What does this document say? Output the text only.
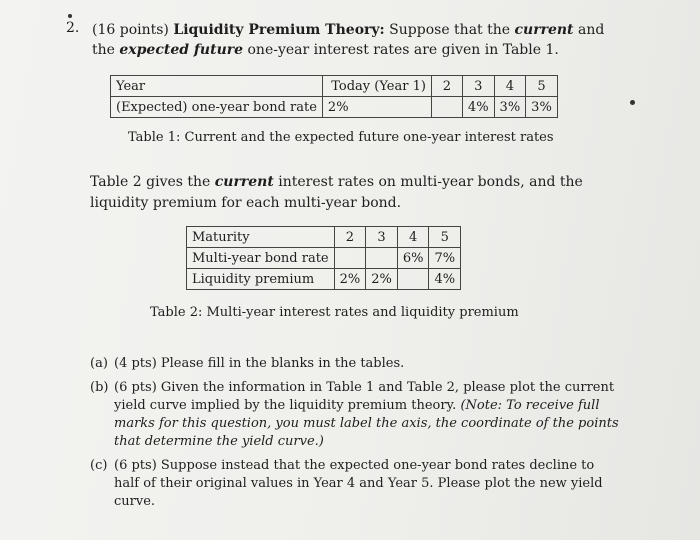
2. (16 points) Liquidity Premium Theory: Suppose that the current and the expected future one-year interest rates are given in Table 1.
Year	Today (Year 1)	2	3	4	5
(Expected) one-year bond rate	2%		4%	3%	3%
Table 1: Current and the expected future one-year interest rates
Table 2 gives the current interest rates on multi-year bonds, and the liquidity premium for each multi-year bond.
Maturity	2	3	4	5
Multi-year bond rate			6%	7%
Liquidity premium	2%	2%		4%
Table 2: Multi-year interest rates and liquidity premium
(a) (4 pts) Please fill in the blanks in the tables.
(b) (6 pts) Given the information in Table 1 and Table 2, please plot the current yield curve implied by the liquidity premium theory. (Note: To receive full marks for this question, you must label the axis, the coordinate of the points that determine the yield curve.)
(c) (6 pts) Suppose instead that the expected one-year bond rates decline to half of their original values in Year 4 and Year 5. Please plot the new yield curve.
